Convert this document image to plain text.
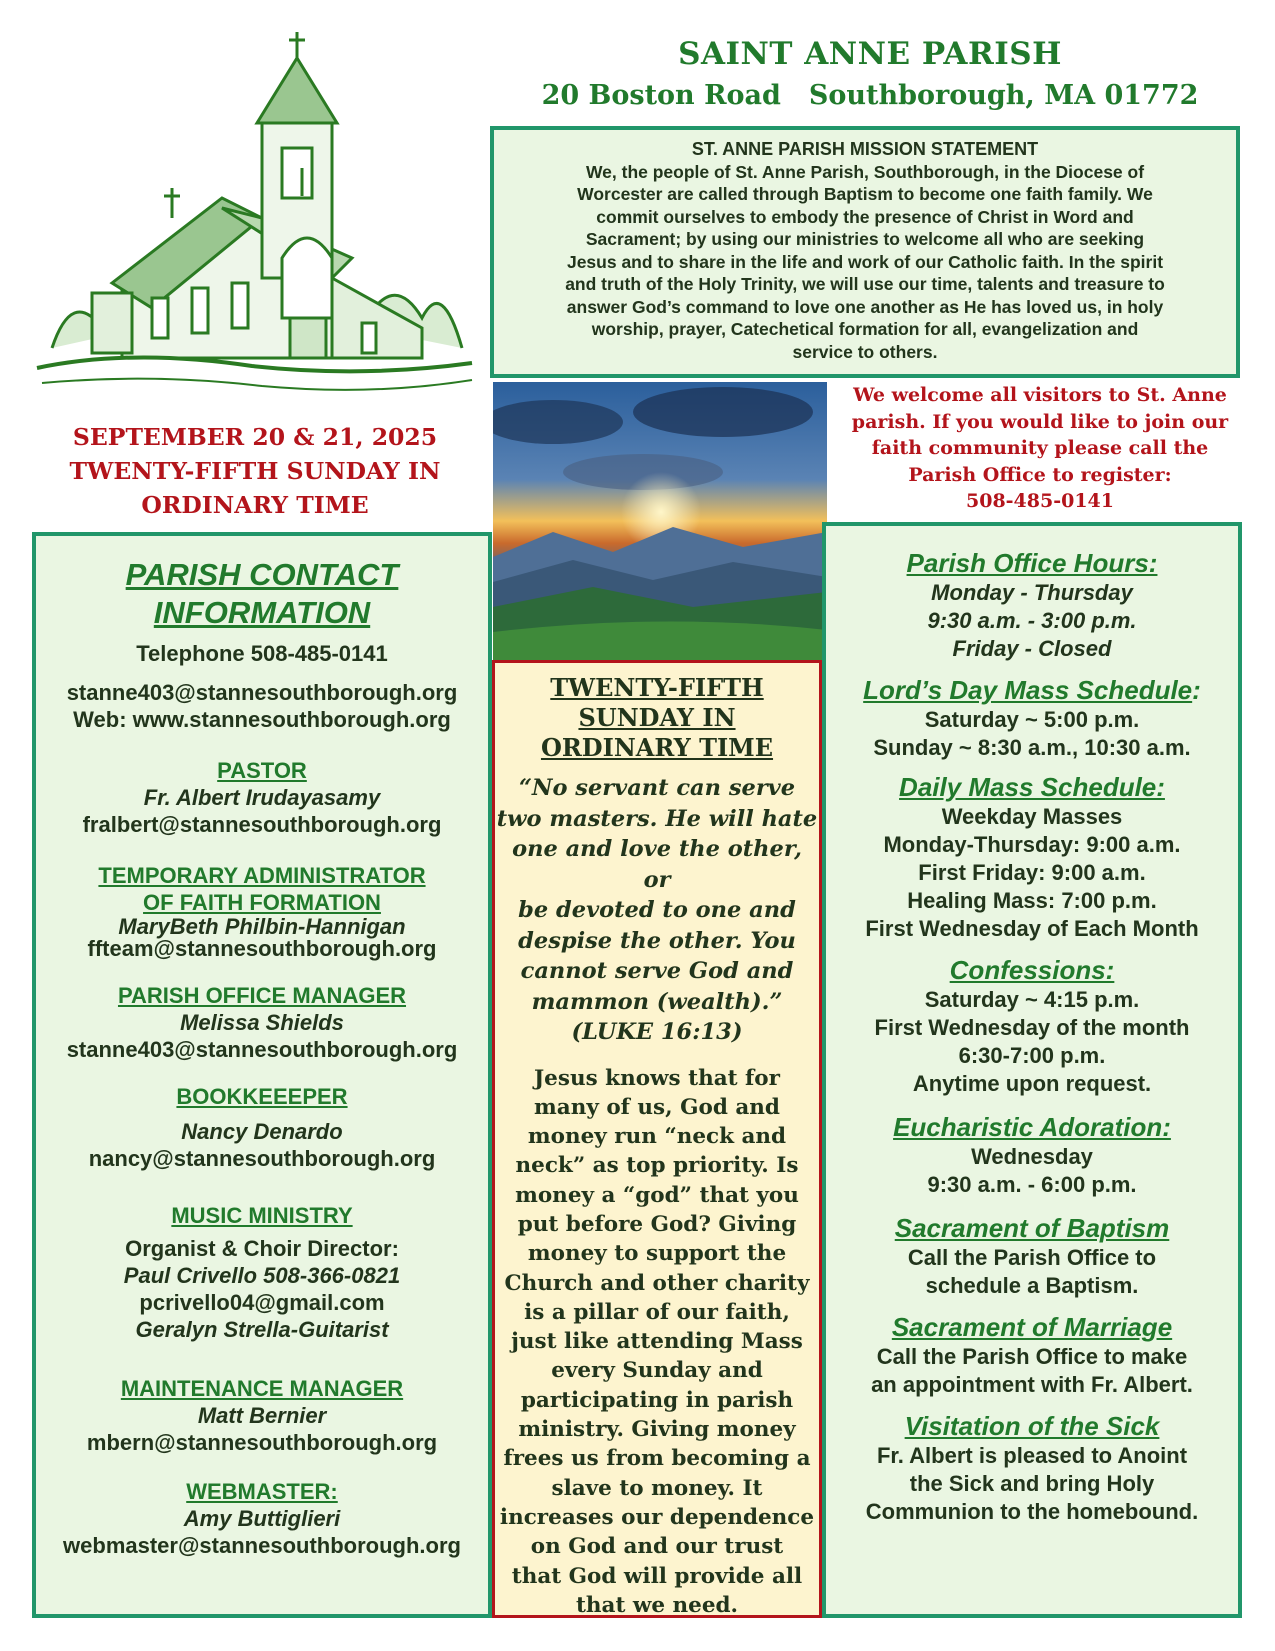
SAINT ANNE PARISH
20 Boston Road Southborough, MA 01772
ST. ANNE PARISH MISSION STATEMENT
We, the people of St. Anne Parish, Southborough, in the Diocese of
Worcester are called through Baptism to become one faith family. We
commit ourselves to embody the presence of Christ in Word and
Sacrament; by using our ministries to welcome all who are seeking
Jesus and to share in the life and work of our Catholic faith. In the spirit
and truth of the Holy Trinity, we will use our time, talents and treasure to
answer God’s command to love one another as He has loved us, in holy
worship, prayer, Catechetical formation for all, evangelization and
service to others.
SEPTEMBER 20 & 21, 2025
TWENTY-FIFTH SUNDAY IN
ORDINARY TIME
We welcome all visitors to St. Anne
parish. If you would like to join our
faith community please call the
Parish Office to register:
508-485-0141
PARISH CONTACT
INFORMATION
Telephone 508-485-0141
stanne403@stannesouthborough.org
Web: www.stannesouthborough.org
PASTOR
Fr. Albert Irudayasamy
fralbert@stannesouthborough.org
TEMPORARY ADMINISTRATOR
OF FAITH FORMATION
MaryBeth Philbin-Hannigan
ffteam@stannesouthborough.org
PARISH OFFICE MANAGER
Melissa Shields
stanne403@stannesouthborough.org
BOOKKEEEPER
Nancy Denardo
nancy@stannesouthborough.org
MUSIC MINISTRY
Organist & Choir Director:
Paul Crivello 508-366-0821
pcrivello04@gmail.com
Geralyn Strella-Guitarist
MAINTENANCE MANAGER
Matt Bernier
mbern@stannesouthborough.org
WEBMASTER:
Amy Buttiglieri
webmaster@stannesouthborough.org
TWENTY-FIFTH
SUNDAY IN
ORDINARY TIME
“No servant can serve
two masters. He will hate
one and love the other, or
be devoted to one and
despise the other. You
cannot serve God and
mammon (wealth).”
(LUKE 16:13)
Jesus knows that for
many of us, God and
money run “neck and
neck” as top priority. Is
money a “god” that you
put before God? Giving
money to support the
Church and other charity
is a pillar of our faith,
just like attending Mass
every Sunday and
participating in parish
ministry. Giving money
frees us from becoming a
slave to money. It
increases our dependence
on God and our trust
that God will provide all
that we need.
Parish Office Hours:
Monday - Thursday
9:30 a.m. - 3:00 p.m.
Friday - Closed
Lord’s Day Mass Schedule:
Saturday ~ 5:00 p.m.
Sunday ~ 8:30 a.m., 10:30 a.m.
Daily Mass Schedule:
Weekday Masses
Monday-Thursday: 9:00 a.m.
First Friday: 9:00 a.m.
Healing Mass: 7:00 p.m.
First Wednesday of Each Month
Confessions:
Saturday ~ 4:15 p.m.
First Wednesday of the month
6:30-7:00 p.m.
Anytime upon request.
Eucharistic Adoration:
Wednesday
9:30 a.m. - 6:00 p.m.
Sacrament of Baptism
Call the Parish Office to
schedule a Baptism.
Sacrament of Marriage
Call the Parish Office to make
an appointment with Fr. Albert.
Visitation of the Sick
Fr. Albert is pleased to Anoint
the Sick and bring Holy
Communion to the homebound.
